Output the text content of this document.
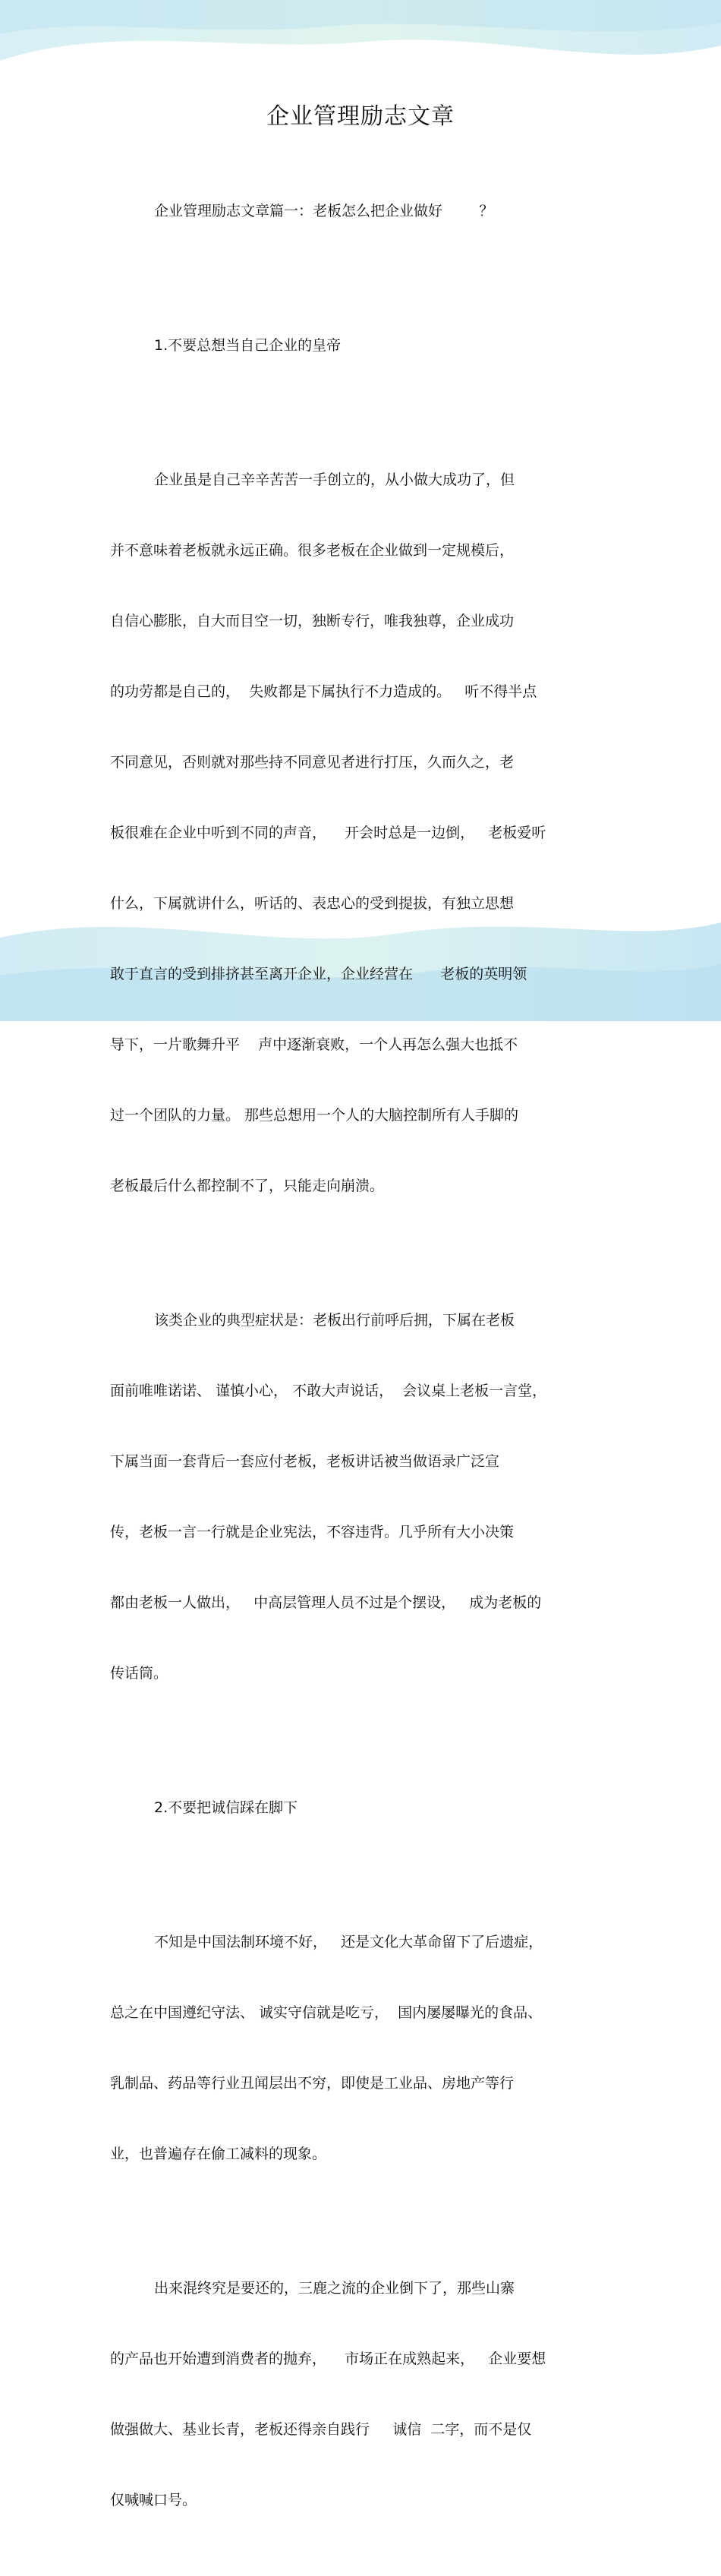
企业管理励志文章

企业管理励志文章篇一：老板怎么把企业做好        ？

1.不要总想当自己企业的皇帝

企业虽是自己辛辛苦苦一手创立的，从小做大成功了，但

并不意味着老板就永远正确。很多老板在企业做到一定规模后，

自信心膨胀，自大而目空一切，独断专行，唯我独尊，企业成功

的功劳都是自己的，  失败都是下属执行不力造成的。   听不得半点

不同意见，否则就对那些持不同意见者进行打压，久而久之，老

板很难在企业中听到不同的声音，    开会时总是一边倒，   老板爱听

什么，下属就讲什么，听话的、表忠心的受到提拔，有独立思想

敢于直言的受到排挤甚至离开企业，企业经营在      老板的英明领

导下，一片歌舞升平    声中逐渐衰败，一个人再怎么强大也抵不

过一个团队的力量。 那些总想用一个人的大脑控制所有人手脚的

老板最后什么都控制不了，只能走向崩溃。

该类企业的典型症状是：老板出行前呼后拥，下属在老板

面前唯唯诺诺、 谨慎小心， 不敢大声说话，  会议桌上老板一言堂，

下属当面一套背后一套应付老板，老板讲话被当做语录广泛宣

传，老板一言一行就是企业宪法，不容违背。几乎所有大小决策

都由老板一人做出，   中高层管理人员不过是个摆设，   成为老板的

传话筒。

2.不要把诚信踩在脚下

不知是中国法制环境不好，   还是文化大革命留下了后遗症，

总之在中国遵纪守法、 诚实守信就是吃亏，  国内屡屡曝光的食品、

乳制品、药品等行业丑闻层出不穷，即使是工业品、房地产等行

业，也普遍存在偷工减料的现象。

出来混终究是要还的，三鹿之流的企业倒下了，那些山寨

的产品也开始遭到消费者的抛弃，    市场正在成熟起来，   企业要想

做强做大、基业长青，老板还得亲自践行     诚信  二字，而不是仅

仅喊喊口号。
